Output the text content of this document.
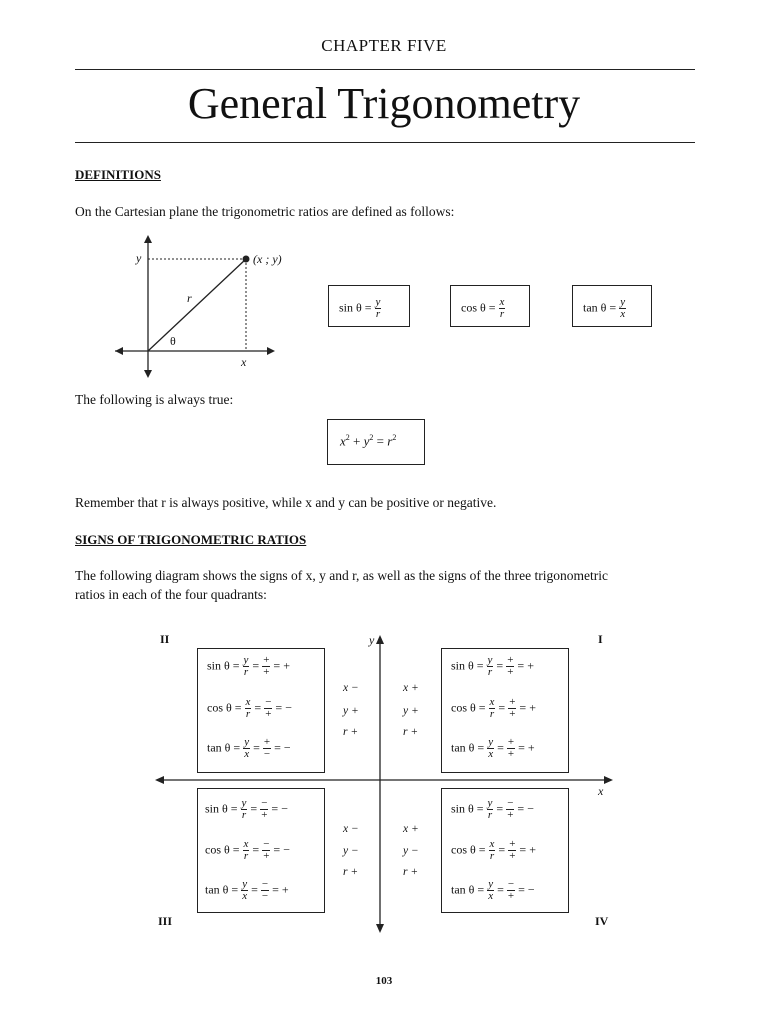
CHAPTER FIVE
General Trigonometry
DEFINITIONS
On the Cartesian plane the trigonometric ratios are defined as follows:
y	(x ; y)
r
θ
x
$\sin \theta = \frac{y}{r}$	$\cos \theta = \frac{x}{r}$	$\tan \theta = \frac{y}{x}$
The following is always true:
$x^2 + y^2 = r^2$
Remember that r is always positive, while x and y can be positive or negative.
SIGNS OF TRIGONOMETRIC RATIOS
The following diagram shows the signs of x, y and r, as well as the signs of the three trigonometric
ratios in each of the four quadrants:
y
x
II	I
III	IV
$\sin \theta = \frac{y}{r} = \frac{+}{+}$ = +
$\cos \theta = \frac{x}{r} = \frac{-}{+}$ = −
$\tan \theta = \frac{y}{x} = \frac{+}{-}$ = −
$\sin \theta = \frac{y}{r} = \frac{+}{+}$ = +
$\cos \theta = \frac{x}{r} = \frac{+}{+}$ = +
$\tan \theta = \frac{y}{x} = \frac{+}{+}$ = +
$\sin \theta = \frac{y}{r} = \frac{-}{+}$ = −
$\cos \theta = \frac{x}{r} = \frac{-}{+}$ = −
$\tan \theta = \frac{y}{x} = \frac{-}{-}$ = +
$\sin \theta = \frac{y}{r} = \frac{-}{+}$ = −
$\cos \theta = \frac{x}{r} = \frac{+}{+}$ = +
$\tan \theta = \frac{y}{x} = \frac{-}{+}$ = −
x −
y +
r +
x +
y +
r +
x −
y −
r +
x +
y −
r +
103
